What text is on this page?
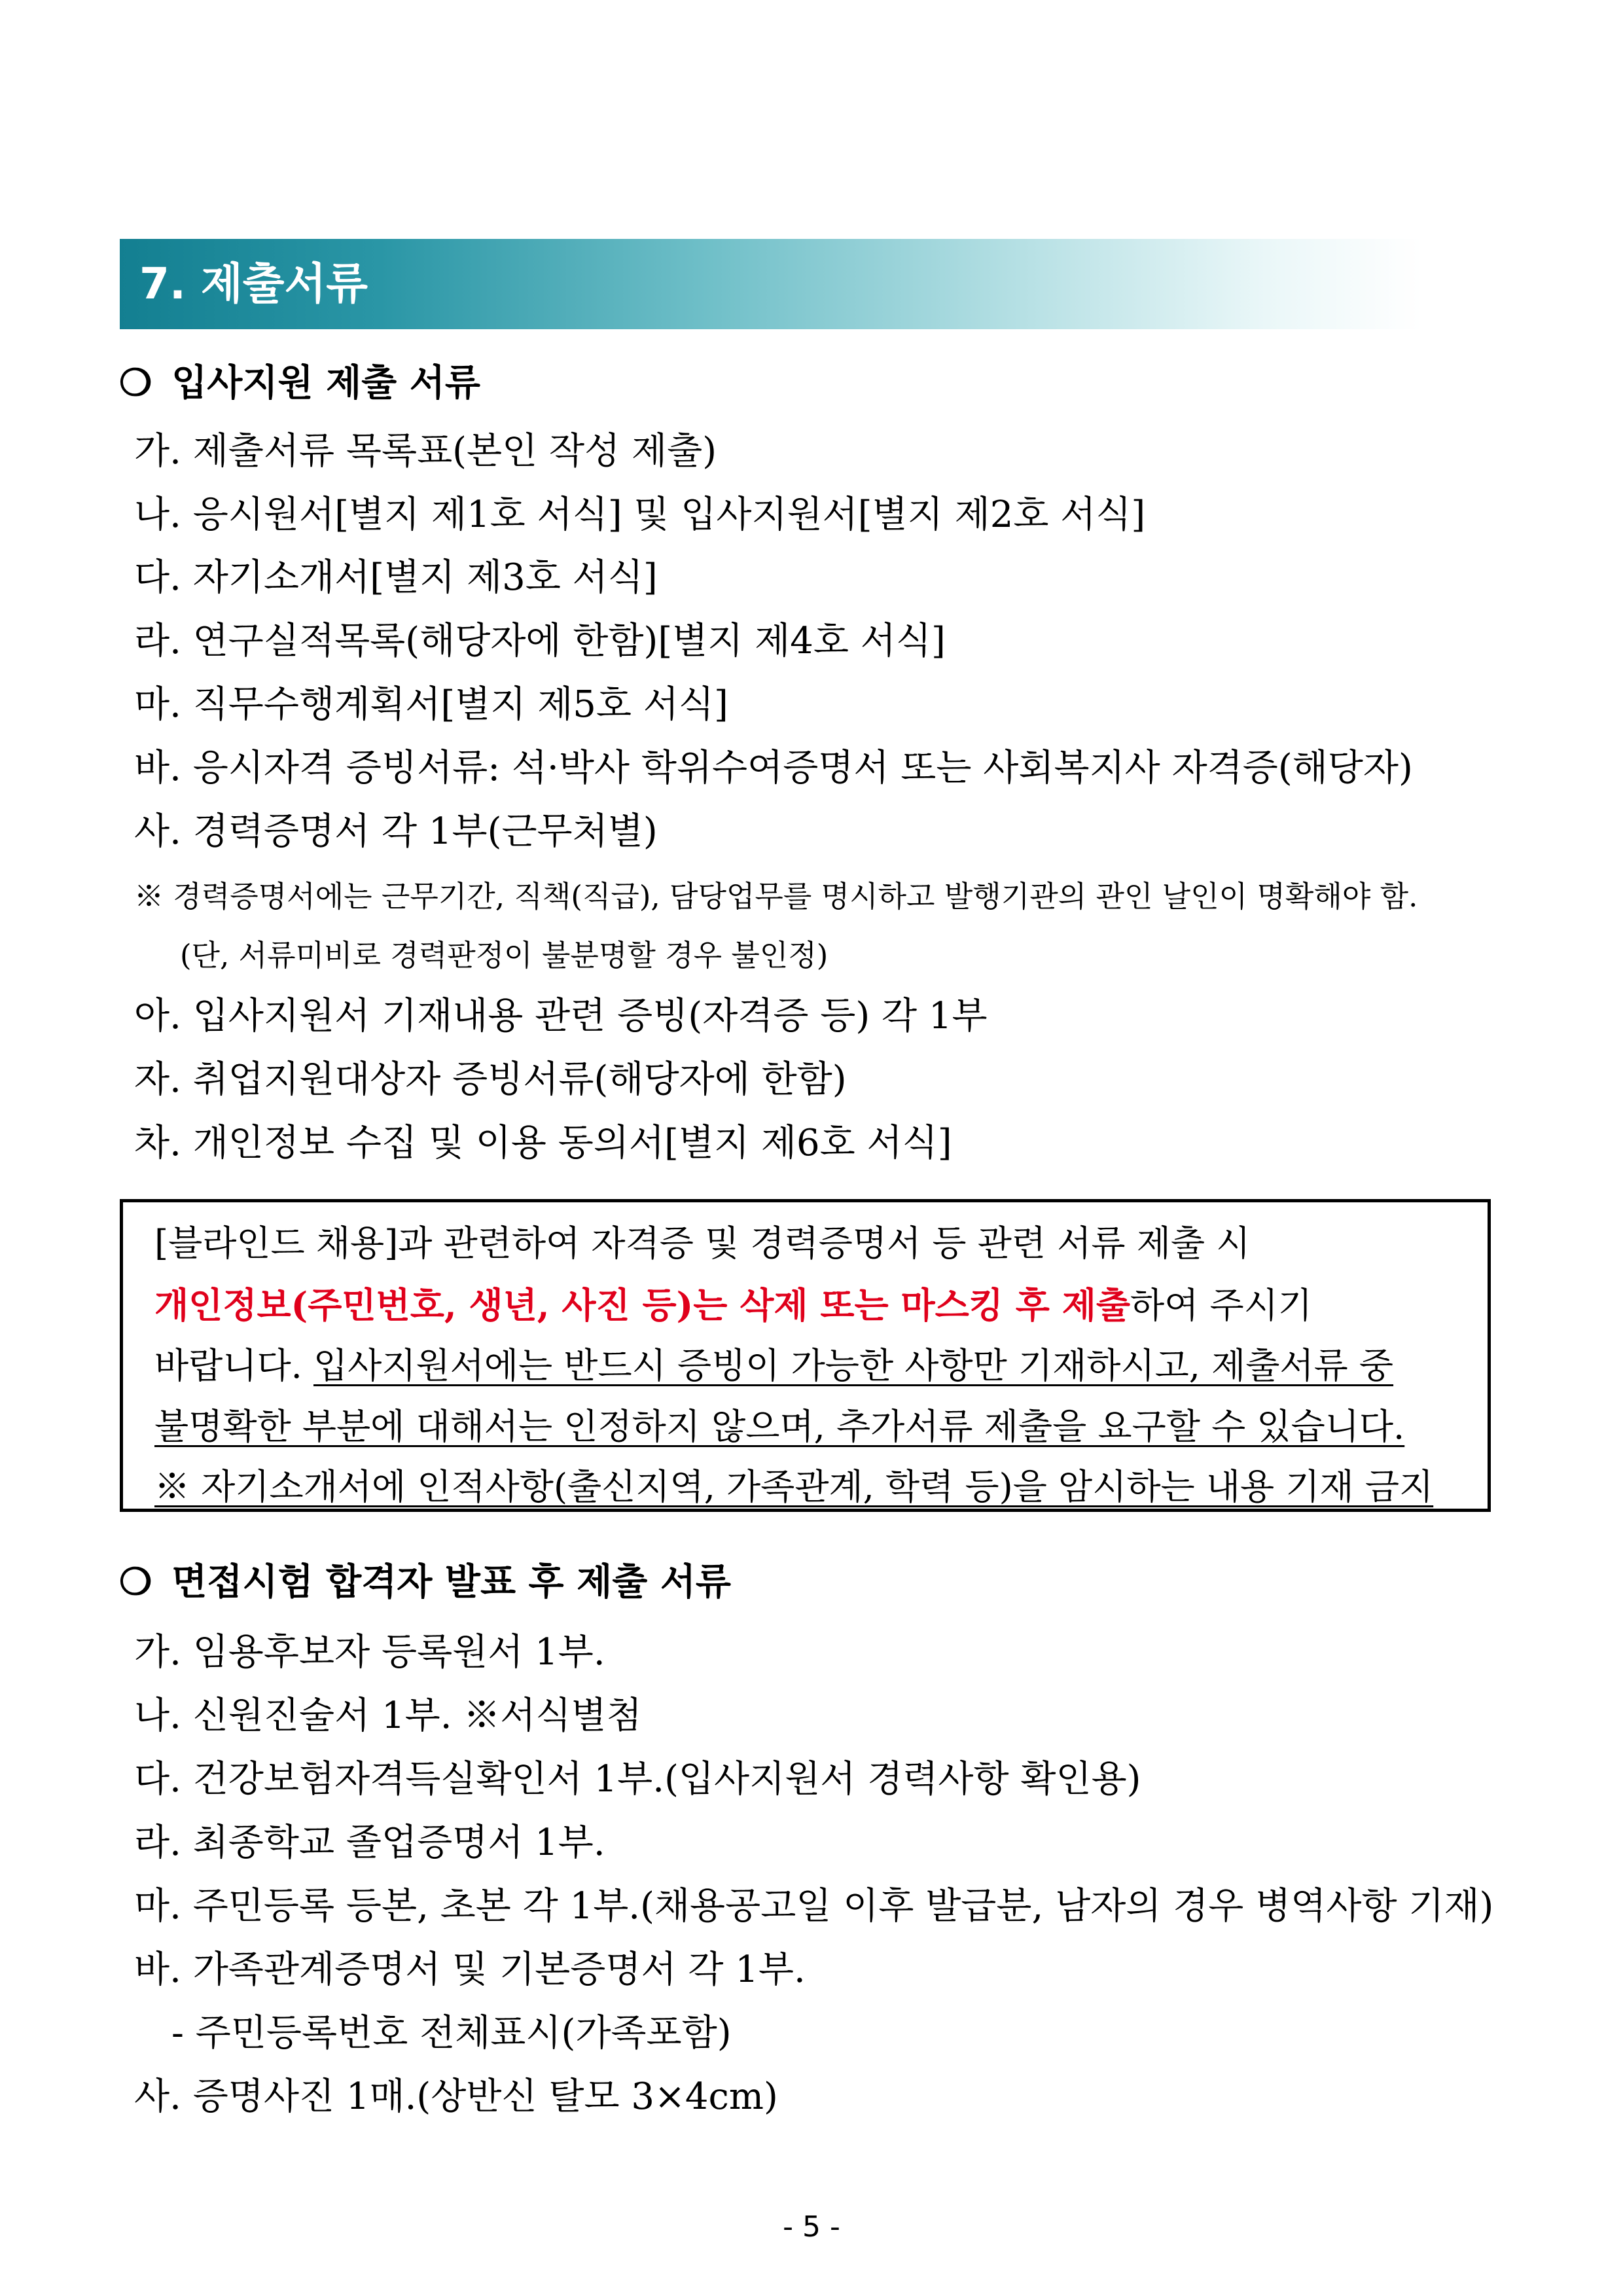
7. 제출서류
❍ 입사지원 제출 서류
가. 제출서류 목록표(본인 작성 제출)
나. 응시원서[별지 제1호 서식] 및 입사지원서[별지 제2호 서식]
다. 자기소개서[별지 제3호 서식]
라. 연구실적목록(해당자에 한함)[별지 제4호 서식]
마. 직무수행계획서[별지 제5호 서식]
바. 응시자격 증빙서류: 석·박사 학위수여증명서 또는 사회복지사 자격증(해당자)
사. 경력증명서 각 1부(근무처별)
※ 경력증명서에는 근무기간, 직책(직급), 담당업무를 명시하고 발행기관의 관인 날인이 명확해야 함.
(단, 서류미비로 경력판정이 불분명할 경우 불인정)
아. 입사지원서 기재내용 관련 증빙(자격증 등) 각 1부
자. 취업지원대상자 증빙서류(해당자에 한함)
차. 개인정보 수집 및 이용 동의서[별지 제6호 서식]
[블라인드 채용]과 관련하여 자격증 및 경력증명서 등 관련 서류 제출 시
개인정보(주민번호, 생년, 사진 등)는 삭제 또는 마스킹 후 제출하여 주시기
바랍니다. 입사지원서에는 반드시 증빙이 가능한 사항만 기재하시고, 제출서류 중
불명확한 부분에 대해서는 인정하지 않으며, 추가서류 제출을 요구할 수 있습니다.
※ 자기소개서에 인적사항(출신지역, 가족관계, 학력 등)을 암시하는 내용 기재 금지
❍ 면접시험 합격자 발표 후 제출 서류
가. 임용후보자 등록원서 1부.
나. 신원진술서 1부. ※서식별첨
다. 건강보험자격득실확인서 1부.(입사지원서 경력사항 확인용)
라. 최종학교 졸업증명서 1부.
마. 주민등록 등본, 초본 각 1부.(채용공고일 이후 발급분, 남자의 경우 병역사항 기재)
바. 가족관계증명서 및 기본증명서 각 1부.
- 주민등록번호 전체표시(가족포함)
사. 증명사진 1매.(상반신 탈모 3×4cm)
- 5 -
